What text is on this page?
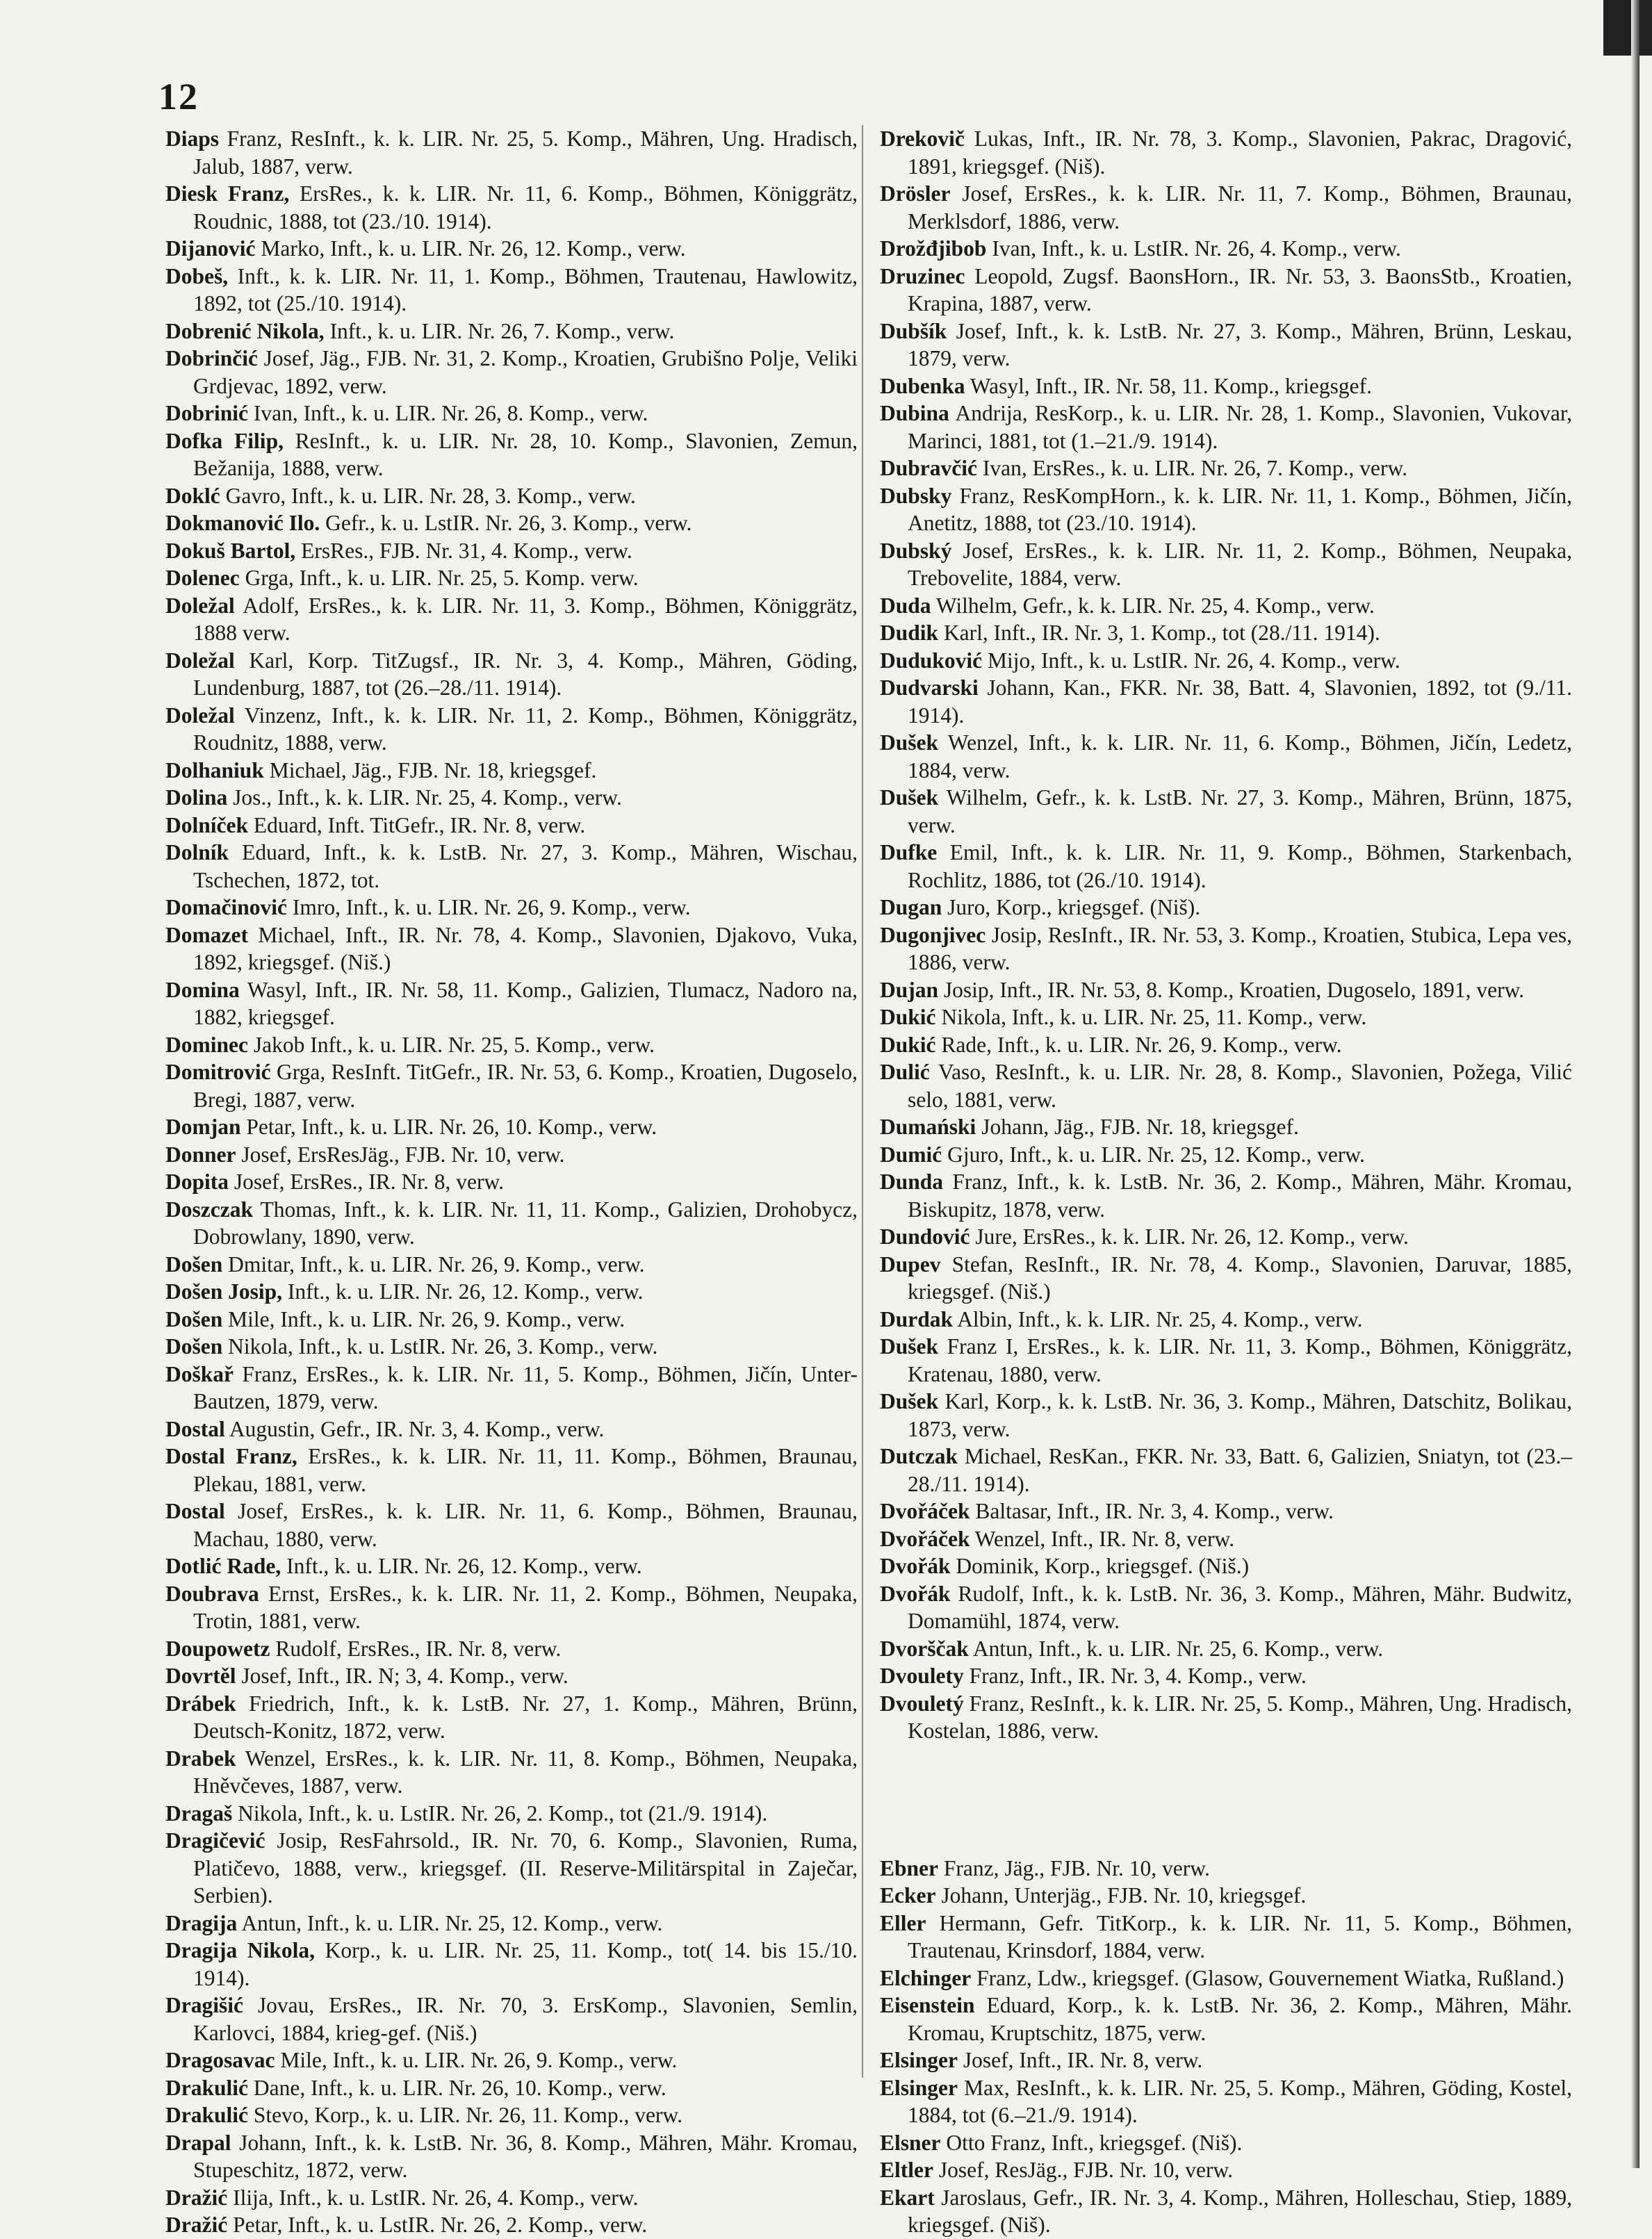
12

Diaps Franz, ResInft., k. k. LIR. Nr. 25, 5. Komp., Mähren, Ung. Hradisch, Jalub, 1887, verw.

Diesk Franz, ErsRes., k. k. LIR. Nr. 11, 6. Komp., Böhmen, Königgrätz, Roudnic, 1888, tot (23./10. 1914).

Dijanović Marko, Inft., k. u. LIR. Nr. 26, 12. Komp., verw.

Dobeš, Inft., k. k. LIR. Nr. 11, 1. Komp., Böhmen, Trautenau, Hawlowitz, 1892, tot (25./10. 1914).

Dobrenić Nikola, Inft., k. u. LIR. Nr. 26, 7. Komp., verw.

Dobrinčić Josef, Jäg., FJB. Nr. 31, 2. Komp., Kroatien, Grubišno Polje, Veliki Grdjevac, 1892, verw.

Dobrinić Ivan, Inft., k. u. LIR. Nr. 26, 8. Komp., verw.

Dofka Filip, ResInft., k. u. LIR. Nr. 28, 10. Komp., Slavonien, Zemun, Bežanija, 1888, verw.

Doklć Gavro, Inft., k. u. LIR. Nr. 28, 3. Komp., verw.

Dokmanović Ilo. Gefr., k. u. LstIR. Nr. 26, 3. Komp., verw.

Dokuš Bartol, ErsRes., FJB. Nr. 31, 4. Komp., verw.

Dolenec Grga, Inft., k. u. LIR. Nr. 25, 5. Komp. verw.

Doležal Adolf, ErsRes., k. k. LIR. Nr. 11, 3. Komp., Böhmen, Königgrätz, 1888 verw.

Doležal Karl, Korp. TitZugsf., IR. Nr. 3, 4. Komp., Mähren, Göding, Lundenburg, 1887, tot (26.–28./11. 1914).

Doležal Vinzenz, Inft., k. k. LIR. Nr. 11, 2. Komp., Böhmen, Königgrätz, Roudnitz, 1888, verw.

Dolhaniuk Michael, Jäg., FJB. Nr. 18, kriegsgef.

Dolina Jos., Inft., k. k. LIR. Nr. 25, 4. Komp., verw.

Dolníček Eduard, Inft. TitGefr., IR. Nr. 8, verw.

Dolník Eduard, Inft., k. k. LstB. Nr. 27, 3. Komp., Mähren, Wischau, Tschechen, 1872, tot.

Domačinović Imro, Inft., k. u. LIR. Nr. 26, 9. Komp., verw.

Domazet Michael, Inft., IR. Nr. 78, 4. Komp., Slavonien, Djakovo, Vuka, 1892, kriegsgef. (Niš.)

Domina Wasyl, Inft., IR. Nr. 58, 11. Komp., Galizien, Tlumacz, Nadoro na, 1882, kriegsgef.

Dominec Jakob Inft., k. u. LIR. Nr. 25, 5. Komp., verw.

Domitrović Grga, ResInft. TitGefr., IR. Nr. 53, 6. Komp., Kroatien, Dugoselo, Bregi, 1887, verw.

Domjan Petar, Inft., k. u. LIR. Nr. 26, 10. Komp., verw.

Donner Josef, ErsResJäg., FJB. Nr. 10, verw.

Dopita Josef, ErsRes., IR. Nr. 8, verw.

Doszczak Thomas, Inft., k. k. LIR. Nr. 11, 11. Komp., Galizien, Drohobycz, Dobrowlany, 1890, verw.

Došen Dmitar, Inft., k. u. LIR. Nr. 26, 9. Komp., verw.

Došen Josip, Inft., k. u. LIR. Nr. 26, 12. Komp., verw.

Došen Mile, Inft., k. u. LIR. Nr. 26, 9. Komp., verw.

Došen Nikola, Inft., k. u. LstIR. Nr. 26, 3. Komp., verw.

Doškař Franz, ErsRes., k. k. LIR. Nr. 11, 5. Komp., Böhmen, Jičín, Unter-Bautzen, 1879, verw.

Dostal Augustin, Gefr., IR. Nr. 3, 4. Komp., verw.

Dostal Franz, ErsRes., k. k. LIR. Nr. 11, 11. Komp., Böhmen, Braunau, Plekau, 1881, verw.

Dostal Josef, ErsRes., k. k. LIR. Nr. 11, 6. Komp., Böhmen, Braunau, Machau, 1880, verw.

Dotlić Rade, Inft., k. u. LIR. Nr. 26, 12. Komp., verw.

Doubrava Ernst, ErsRes., k. k. LIR. Nr. 11, 2. Komp., Böhmen, Neupaka, Trotin, 1881, verw.

Doupowetz Rudolf, ErsRes., IR. Nr. 8, verw.

Dovrtěl Josef, Inft., IR. N; 3, 4. Komp., verw.

Drábek Friedrich, Inft., k. k. LstB. Nr. 27, 1. Komp., Mähren, Brünn, Deutsch-Konitz, 1872, verw.

Drabek Wenzel, ErsRes., k. k. LIR. Nr. 11, 8. Komp., Böhmen, Neupaka, Hněvčeves, 1887, verw.

Dragaš Nikola, Inft., k. u. LstIR. Nr. 26, 2. Komp., tot (21./9. 1914).

Dragičević Josip, ResFahrsold., IR. Nr. 70, 6. Komp., Slavonien, Ruma, Platičevo, 1888, verw., kriegsgef. (II. Reserve-Militärspital in Zaječar, Serbien).

Dragija Antun, Inft., k. u. LIR. Nr. 25, 12. Komp., verw.

Dragija Nikola, Korp., k. u. LIR. Nr. 25, 11. Komp., tot( 14. bis 15./10. 1914).

Dragišić Jovau, ErsRes., IR. Nr. 70, 3. ErsKomp., Slavonien, Semlin, Karlovci, 1884, krieg-gef. (Niš.)

Dragosavac Mile, Inft., k. u. LIR. Nr. 26, 9. Komp., verw.

Drakulić Dane, Inft., k. u. LIR. Nr. 26, 10. Komp., verw.

Drakulić Stevo, Korp., k. u. LIR. Nr. 26, 11. Komp., verw.

Drapal Johann, Inft., k. k. LstB. Nr. 36, 8. Komp., Mähren, Mähr. Kromau, Stupeschitz, 1872, verw.

Dražić Ilija, Inft., k. u. LstIR. Nr. 26, 4. Komp., verw.

Dražić Petar, Inft., k. u. LstIR. Nr. 26, 2. Komp., verw.

Drekovič Lukas, Inft., IR. Nr. 78, 3. Komp., Slavonien, Pakrac, Dragović, 1891, kriegsgef. (Niš).

Drösler Josef, ErsRes., k. k. LIR. Nr. 11, 7. Komp., Böhmen, Braunau, Merklsdorf, 1886, verw.

Drožđjibob Ivan, Inft., k. u. LstIR. Nr. 26, 4. Komp., verw.

Druzinec Leopold, Zugsf. BaonsHorn., IR. Nr. 53, 3. BaonsStb., Kroatien, Krapina, 1887, verw.

Dubšík Josef, Inft., k. k. LstB. Nr. 27, 3. Komp., Mähren, Brünn, Leskau, 1879, verw.

Dubenka Wasyl, Inft., IR. Nr. 58, 11. Komp., kriegsgef.

Dubina Andrija, ResKorp., k. u. LIR. Nr. 28, 1. Komp., Slavonien, Vukovar, Marinci, 1881, tot (1.–21./9. 1914).

Dubravčić Ivan, ErsRes., k. u. LIR. Nr. 26, 7. Komp., verw.

Dubsky Franz, ResKompHorn., k. k. LIR. Nr. 11, 1. Komp., Böhmen, Jičín, Anetitz, 1888, tot (23./10. 1914).

Dubský Josef, ErsRes., k. k. LIR. Nr. 11, 2. Komp., Böhmen, Neupaka, Trebovelite, 1884, verw.

Duda Wilhelm, Gefr., k. k. LIR. Nr. 25, 4. Komp., verw.

Dudik Karl, Inft., IR. Nr. 3, 1. Komp., tot (28./11. 1914).

Duduković Mijo, Inft., k. u. LstIR. Nr. 26, 4. Komp., verw.

Dudvarski Johann, Kan., FKR. Nr. 38, Batt. 4, Slavonien, 1892, tot (9./11. 1914).

Dušek Wenzel, Inft., k. k. LIR. Nr. 11, 6. Komp., Böhmen, Jičín, Ledetz, 1884, verw.

Dušek Wilhelm, Gefr., k. k. LstB. Nr. 27, 3. Komp., Mähren, Brünn, 1875, verw.

Dufke Emil, Inft., k. k. LIR. Nr. 11, 9. Komp., Böhmen, Starkenbach, Rochlitz, 1886, tot (26./10. 1914).

Dugan Juro, Korp., kriegsgef. (Niš).

Dugonjivec Josip, ResInft., IR. Nr. 53, 3. Komp., Kroatien, Stubica, Lepa ves, 1886, verw.

Dujan Josip, Inft., IR. Nr. 53, 8. Komp., Kroatien, Dugoselo, 1891, verw.

Dukić Nikola, Inft., k. u. LIR. Nr. 25, 11. Komp., verw.

Dukić Rade, Inft., k. u. LIR. Nr. 26, 9. Komp., verw.

Dulić Vaso, ResInft., k. u. LIR. Nr. 28, 8. Komp., Slavonien, Požega, Vilić selo, 1881, verw.

Dumański Johann, Jäg., FJB. Nr. 18, kriegsgef.

Dumić Gjuro, Inft., k. u. LIR. Nr. 25, 12. Komp., verw.

Dunda Franz, Inft., k. k. LstB. Nr. 36, 2. Komp., Mähren, Mähr. Kromau, Biskupitz, 1878, verw.

Dundović Jure, ErsRes., k. k. LIR. Nr. 26, 12. Komp., verw.

Dupev Stefan, ResInft., IR. Nr. 78, 4. Komp., Slavonien, Daruvar, 1885, kriegsgef. (Niš.)

Durdak Albin, Inft., k. k. LIR. Nr. 25, 4. Komp., verw.

Dušek Franz I, ErsRes., k. k. LIR. Nr. 11, 3. Komp., Böhmen, Königgrätz, Kratenau, 1880, verw.

Dušek Karl, Korp., k. k. LstB. Nr. 36, 3. Komp., Mähren, Datschitz, Bolikau, 1873, verw.

Dutczak Michael, ResKan., FKR. Nr. 33, Batt. 6, Galizien, Sniatyn, tot (23.–28./11. 1914).

Dvořáček Baltasar, Inft., IR. Nr. 3, 4. Komp., verw.

Dvořáček Wenzel, Inft., IR. Nr. 8, verw.

Dvořák Dominik, Korp., kriegsgef. (Niš.)

Dvořák Rudolf, Inft., k. k. LstB. Nr. 36, 3. Komp., Mähren, Mähr. Budwitz, Domamühl, 1874, verw.

Dvorščak Antun, Inft., k. u. LIR. Nr. 25, 6. Komp., verw.

Dvoulety Franz, Inft., IR. Nr. 3, 4. Komp., verw.

Dvouletý Franz, ResInft., k. k. LIR. Nr. 25, 5. Komp., Mähren, Ung. Hradisch, Kostelan, 1886, verw.

Ebner Franz, Jäg., FJB. Nr. 10, verw.

Ecker Johann, Unterjäg., FJB. Nr. 10, kriegsgef.

Eller Hermann, Gefr. TitKorp., k. k. LIR. Nr. 11, 5. Komp., Böhmen, Trautenau, Krinsdorf, 1884, verw.

Elchinger Franz, Ldw., kriegsgef. (Glasow, Gouvernement Wiatka, Rußland.)

Eisenstein Eduard, Korp., k. k. LstB. Nr. 36, 2. Komp., Mähren, Mähr. Kromau, Kruptschitz, 1875, verw.

Elsinger Josef, Inft., IR. Nr. 8, verw.

Elsinger Max, ResInft., k. k. LIR. Nr. 25, 5. Komp., Mähren, Göding, Kostel, 1884, tot (6.–21./9. 1914).

Elsner Otto Franz, Inft., kriegsgef. (Niš).

Eltler Josef, ResJäg., FJB. Nr. 10, verw.

Ekart Jaroslaus, Gefr., IR. Nr. 3, 4. Komp., Mähren, Holleschau, Stiep, 1889, kriegsgef. (Niš).
